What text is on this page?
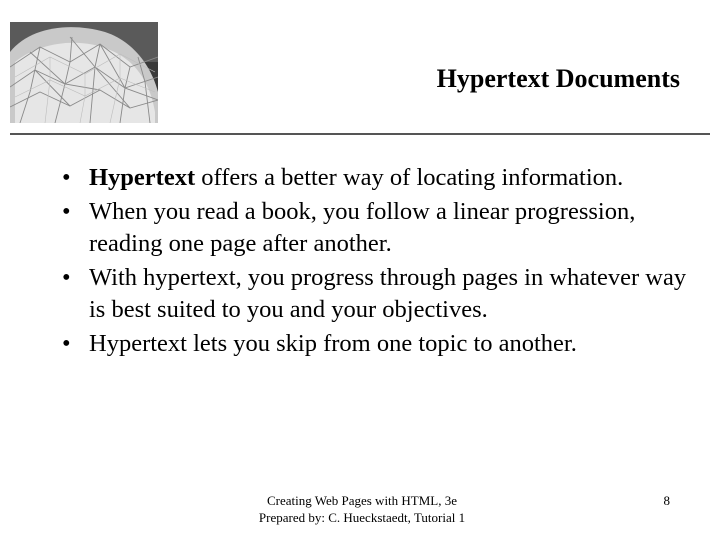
Hypertext Documents
• Hypertext offers a better way of locating information.
• When you read a book, you follow a linear progression, reading one page after another.
• With hypertext, you progress through pages in whatever way is best suited to you and your objectives.
• Hypertext lets you skip from one topic to another.
Creating Web Pages with HTML, 3e
Prepared by: C. Hueckstaedt, Tutorial 1
8
